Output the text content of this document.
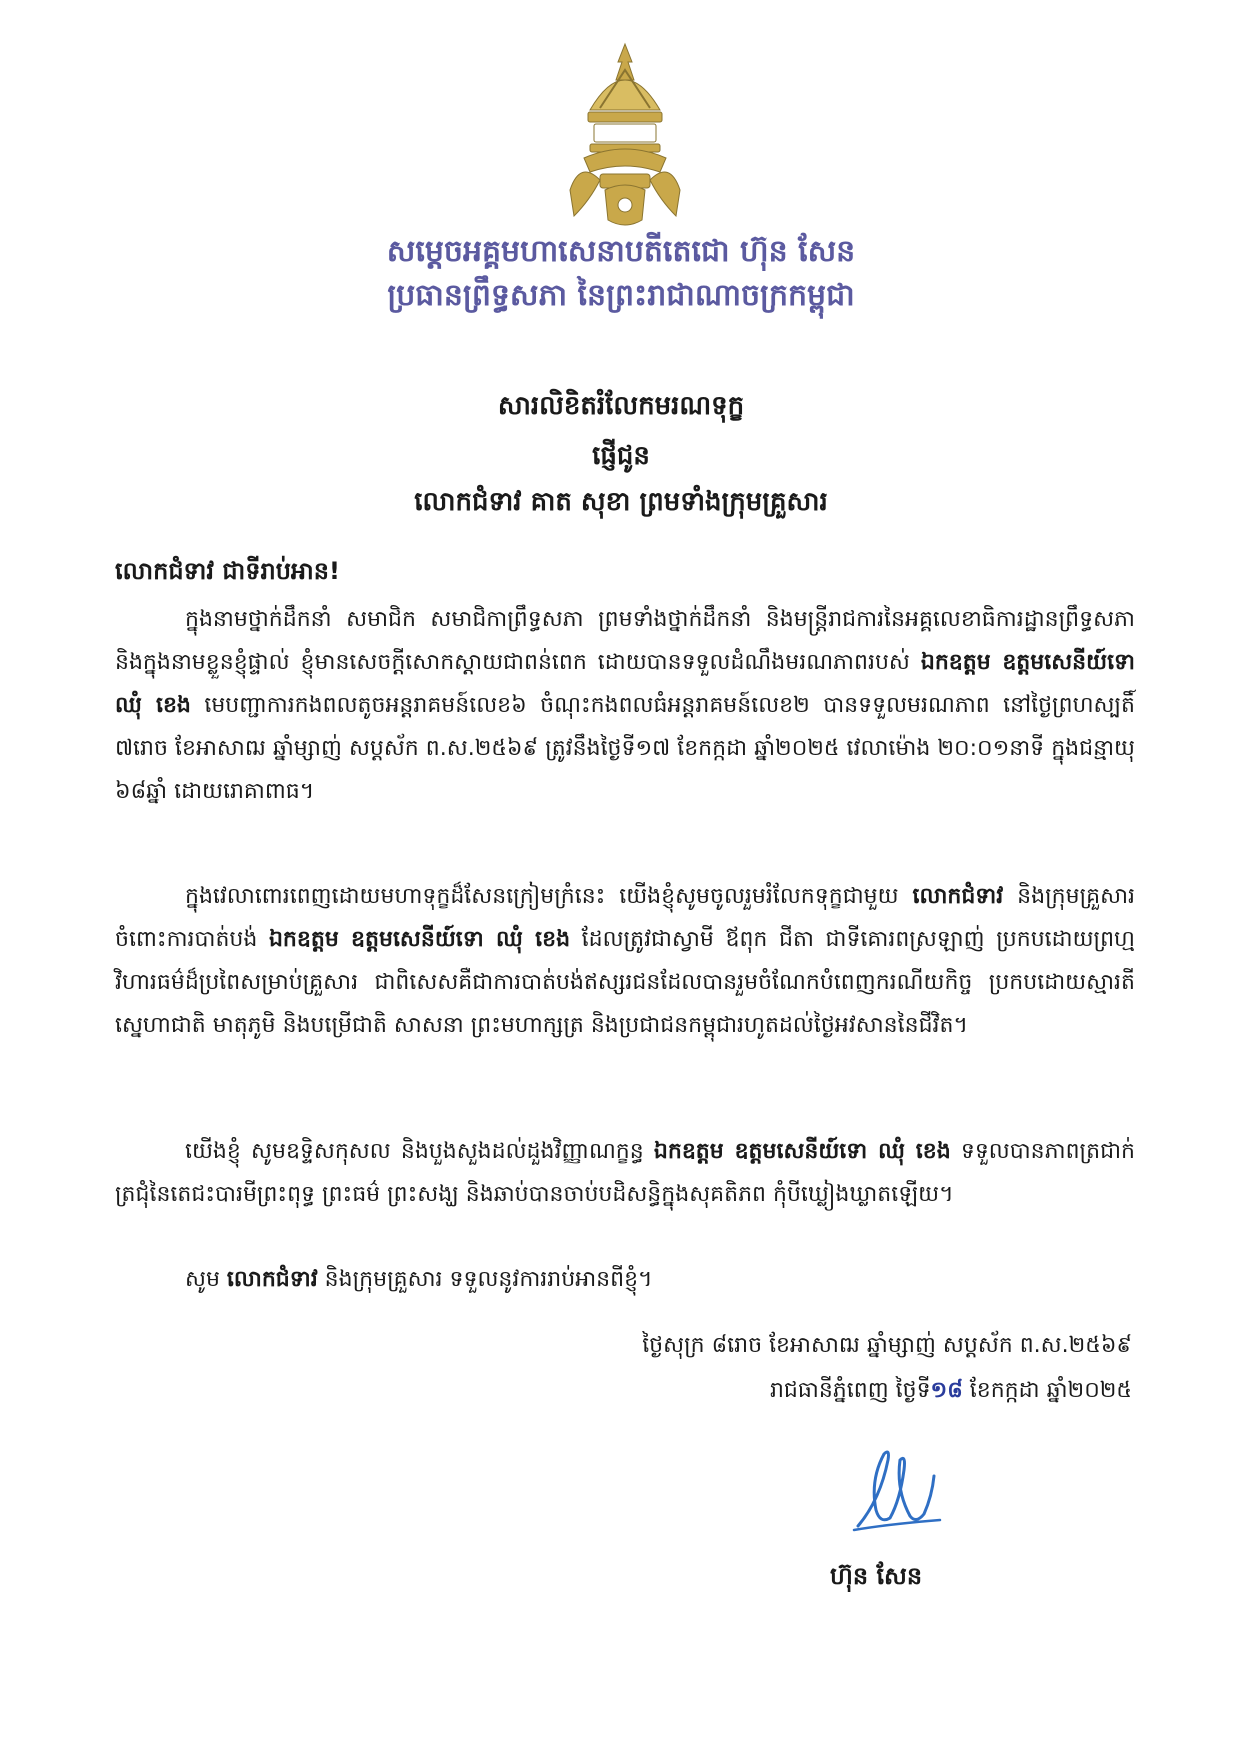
សម្តេចអគ្គមហាសេនាបតីតេជោ ហ៊ុន សែន
ប្រធានព្រឹទ្ធសភា នៃព្រះរាជាណាចក្រកម្ពុជា
សារលិខិតរំលែកមរណទុក្ខ
ផ្ញើជូន
លោកជំទាវ គាត សុខា ព្រមទាំងក្រុមគ្រួសារ
លោកជំទាវ ជាទីរាប់អាន!
ក្នុងនាមថ្នាក់ដឹកនាំ សមាជិក សមាជិកាព្រឹទ្ធសភា ព្រមទាំងថ្នាក់ដឹកនាំ និងមន្ត្រីរាជការនៃអគ្គលេខាធិការដ្ឋានព្រឹទ្ធសភា និងក្នុងនាមខ្លួនខ្ញុំផ្ទាល់ ខ្ញុំមានសេចក្តីសោកស្តាយជាពន់ពេក ដោយបានទទួលដំណឹងមរណភាពរបស់ ឯកឧត្តម ឧត្តមសេនីយ៍ទោ ឈុំ ខេង មេបញ្ជាការកងពលតូចអន្តរាគមន៍លេខ៦ ចំណុះកងពលធំអន្តរាគមន៍លេខ២ បានទទួលមរណភាព នៅថ្ងៃព្រហស្បតិ៍ ៧រោច ខែអាសាឍ ឆ្នាំម្សាញ់ សប្តស័ក ព.ស.២៥៦៩ ត្រូវនឹងថ្ងៃទី១៧ ខែកក្កដា ឆ្នាំ២០២៥ វេលាម៉ោង ២០:០១នាទី ក្នុងជន្មាយុ ៦៨ឆ្នាំ ដោយរោគាពាធ។
ក្នុងវេលាពោរពេញដោយមហាទុក្ខដ៏សែនក្រៀមក្រំនេះ យើងខ្ញុំសូមចូលរួមរំលែកទុក្ខជាមួយ លោកជំទាវ និងក្រុមគ្រួសារ ចំពោះការបាត់បង់ ឯកឧត្តម ឧត្តមសេនីយ៍ទោ ឈុំ ខេង ដែលត្រូវជាស្វាមី ឪពុក ជីតា ជាទីគោរពស្រឡាញ់ ប្រកបដោយព្រហ្មវិហារធម៌ដ៏ប្រពៃសម្រាប់គ្រួសារ ជាពិសេសគឺជាការបាត់បង់ឥស្សរជនដែលបានរួមចំណែកបំពេញករណីយកិច្ច ប្រកបដោយស្មារតីស្នេហាជាតិ មាតុភូមិ និងបម្រើជាតិ សាសនា ព្រះមហាក្សត្រ និងប្រជាជនកម្ពុជារហូតដល់ថ្ងៃអវសាននៃជីវិត។
យើងខ្ញុំ សូមឧទ្ទិសកុសល និងបួងសួងដល់ដួងវិញ្ញាណក្ខន្ធ ឯកឧត្តម ឧត្តមសេនីយ៍ទោ ឈុំ ខេង ទទួលបានភាពត្រជាក់ត្រជុំនៃតេជះបារមីព្រះពុទ្ធ ព្រះធម៌ ព្រះសង្ឃ និងឆាប់បានចាប់បដិសន្ធិក្នុងសុគតិភព កុំបីឃ្លៀងឃ្លាតឡើយ។
សូម លោកជំទាវ និងក្រុមគ្រួសារ ទទួលនូវការរាប់អានពីខ្ញុំ។
ថ្ងៃសុក្រ ៨រោច ខែអាសាឍ ឆ្នាំម្សាញ់ សប្តស័ក ព.ស.២៥៦៩
រាជធានីភ្នំពេញ ថ្ងៃទី១៨ ខែកក្កដា ឆ្នាំ២០២៥
ហ៊ុន សែន
